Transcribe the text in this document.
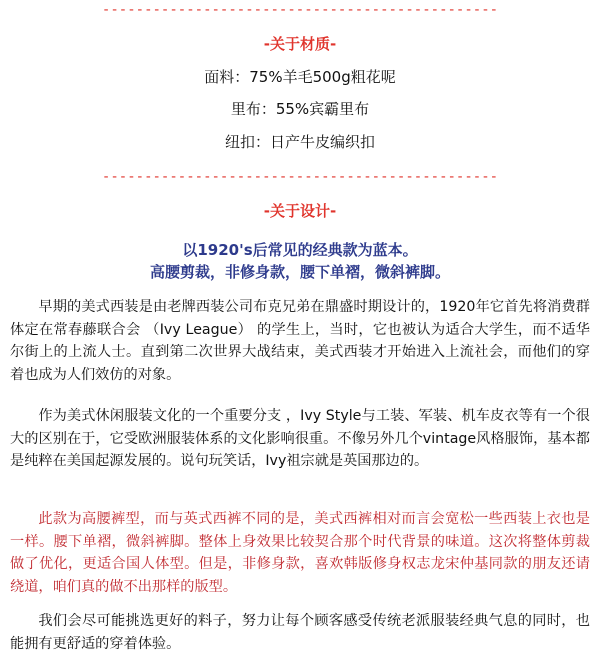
-----------------------------------------------
-关于材质-
面料：75%羊毛500g粗花呢
里布：55%宾霸里布
纽扣：日产牛皮编织扣
-----------------------------------------------
-关于设计-
以1920's后常见的经典款为蓝本。
高腰剪裁，非修身款，腰下单褶，微斜裤脚。

早期的美式西装是由老牌西装公司布克兄弟在鼎盛时期设计的，1920年它首先将消费群体定在常春藤联合会 （Ivy League） 的学生上，当时，它也被认为适合大学生，而不适华尔街上的上流人士。直到第二次世界大战结束，美式西装才开始进入上流社会，而他们的穿着也成为人们效仿的对象。

作为美式休闲服装文化的一个重要分支 ，Ivy Style与工装、军装、机车皮衣等有一个很大的区别在于，它受欧洲服装体系的文化影响很重。不像另外几个vintage风格服饰，基本都是纯粹在美国起源发展的。说句玩笑话，Ivy祖宗就是英国那边的。

此款为高腰裤型，而与英式西裤不同的是，美式西裤相对而言会宽松一些西装上衣也是一样。腰下单褶，微斜裤脚。整体上身效果比较契合那个时代背景的味道。这次将整体剪裁做了优化，更适合国人体型。但是，非修身款，喜欢韩版修身权志龙宋仲基同款的朋友还请绕道，咱们真的做不出那样的版型。

我们会尽可能挑选更好的料子，努力让每个顾客感受传统老派服装经典气息的同时，也能拥有更舒适的穿着体验。
